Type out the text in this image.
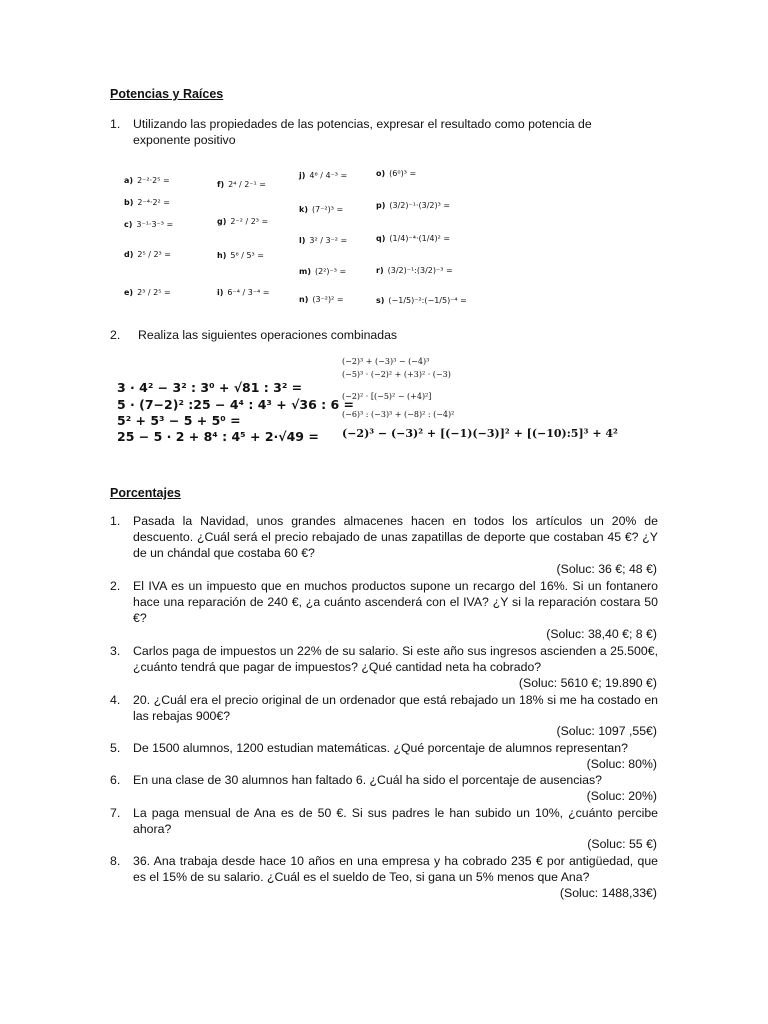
Potencias y Raíces
1. Utilizando las propiedades de las potencias, expresar el resultado como potencia de exponente positivo
a) 2⁻²·2⁵ =
b) 2⁻⁴·2² =
c) 3⁻¹·3⁻³ =
d) 2⁵ / 2³ =
e) 2³ / 2⁵ =
f) 2⁴ / 2⁻¹ =
g) 2⁻² / 2³ =
h) 5⁶ / 5³ =
i) 6⁻⁴ / 3⁻⁴ =
j) 4⁶ / 4⁻³ =
k) (7⁻²)³ =
l) 3² / 3⁻² =
m) (2²)⁻³ =
n) (3⁻²)² =
o) (6⁰)³ =
p) (3/2)⁻¹·(3/2)³ =
q) (1/4)⁻⁴·(1/4)² =
r) (3/2)⁻¹:(3/2)⁻³ =
s) (−1/5)⁻²:(−1/5)⁻⁴ =
2. Realiza las siguientes operaciones combinadas
3 · 4² − 3² : 3⁰ + √81 : 3² =
5 · (7−2)² :25 − 4⁴ : 4³ + √36 : 6 =
5² + 5³ − 5 + 5⁰ =
25 − 5 · 2 + 8⁴ : 4⁵ + 2·√49 =
(−2)³ + (−3)³ − (−4)³
(−5)³ · (−2)² + (+3)² · (−3)
(−2)² · [(−5)² − (+4)²]
(−6)³ : (−3)³ + (−8)² : (−4)²
(−2)³ − (−3)² + [(−1)(−3)]² + [(−10):5]³ + 4²
Porcentajes
1. Pasada la Navidad, unos grandes almacenes hacen en todos los artículos un 20% de descuento. ¿Cuál será el precio rebajado de unas zapatillas de deporte que costaban 45 €? ¿Y de un chándal que costaba 60 €?
(Soluc: 36 €; 48 €)
2. El IVA es un impuesto que en muchos productos supone un recargo del 16%. Si un fontanero hace una reparación de 240 €, ¿a cuánto ascenderá con el IVA? ¿Y si la reparación costara 50 €?
(Soluc: 38,40 €; 8 €)
3. Carlos paga de impuestos un 22% de su salario. Si este año sus ingresos ascienden a 25.500€, ¿cuánto tendrá que pagar de impuestos? ¿Qué cantidad neta ha cobrado?
(Soluc: 5610 €; 19.890 €)
4. 20. ¿Cuál era el precio original de un ordenador que está rebajado un 18% si me ha costado en las rebajas 900€?
(Soluc: 1097 ,55€)
5. De 1500 alumnos, 1200 estudian matemáticas. ¿Qué porcentaje de alumnos representan?
(Soluc: 80%)
6. En una clase de 30 alumnos han faltado 6. ¿Cuál ha sido el porcentaje de ausencias?
(Soluc: 20%)
7. La paga mensual de Ana es de 50 €. Si sus padres le han subido un 10%, ¿cuánto percibe ahora?
(Soluc: 55 €)
8. 36. Ana trabaja desde hace 10 años en una empresa y ha cobrado 235 € por antigüedad, que es el 15% de su salario. ¿Cuál es el sueldo de Teo, si gana un 5% menos que Ana?
(Soluc: 1488,33€)
